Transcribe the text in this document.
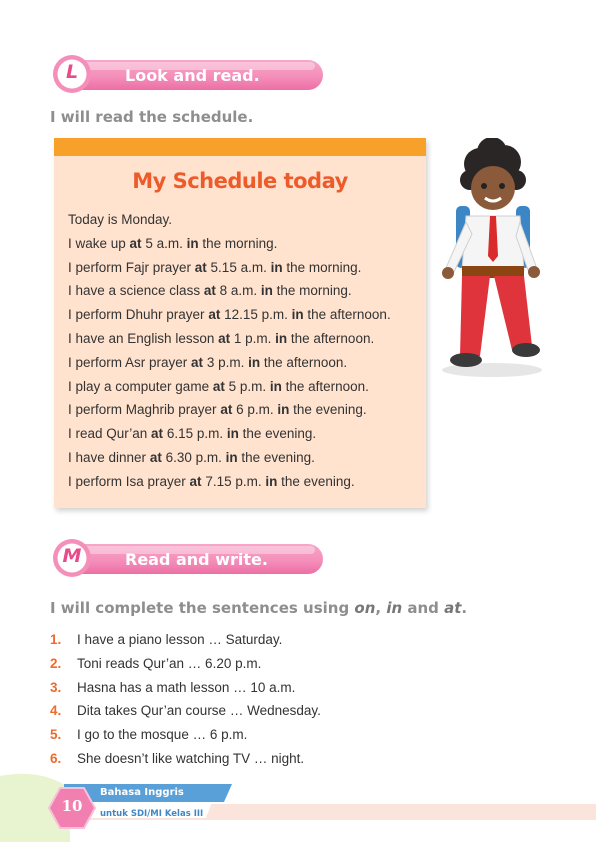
L	Look and read.
I will read the schedule.
My Schedule today
Today is Monday.
I wake up at 5 a.m. in the morning.
I perform Fajr prayer at 5.15 a.m. in the morning.
I have a science class at 8 a.m. in the morning.
I perform Dhuhr prayer at 12.15 p.m. in the afternoon.
I have an English lesson at 1 p.m. in the afternoon.
I perform Asr prayer at 3 p.m. in the afternoon.
I play a computer game at 5 p.m. in the afternoon.
I perform Maghrib prayer at 6 p.m. in the evening.
I read Qur’an at 6.15 p.m. in the evening.
I have dinner at 6.30 p.m. in the evening.
I perform Isa prayer at 7.15 p.m. in the evening.
M	Read and write.
I will complete the sentences using on, in and at.
1. I have a piano lesson … Saturday.
2. Toni reads Qur’an … 6.20 p.m.
3. Hasna has a math lesson … 10 a.m.
4. Dita takes Qur’an course … Wednesday.
5. I go to the mosque … 6 p.m.
6. She doesn’t like watching TV … night.
10
Bahasa Inggris
untuk SDI/MI Kelas III
